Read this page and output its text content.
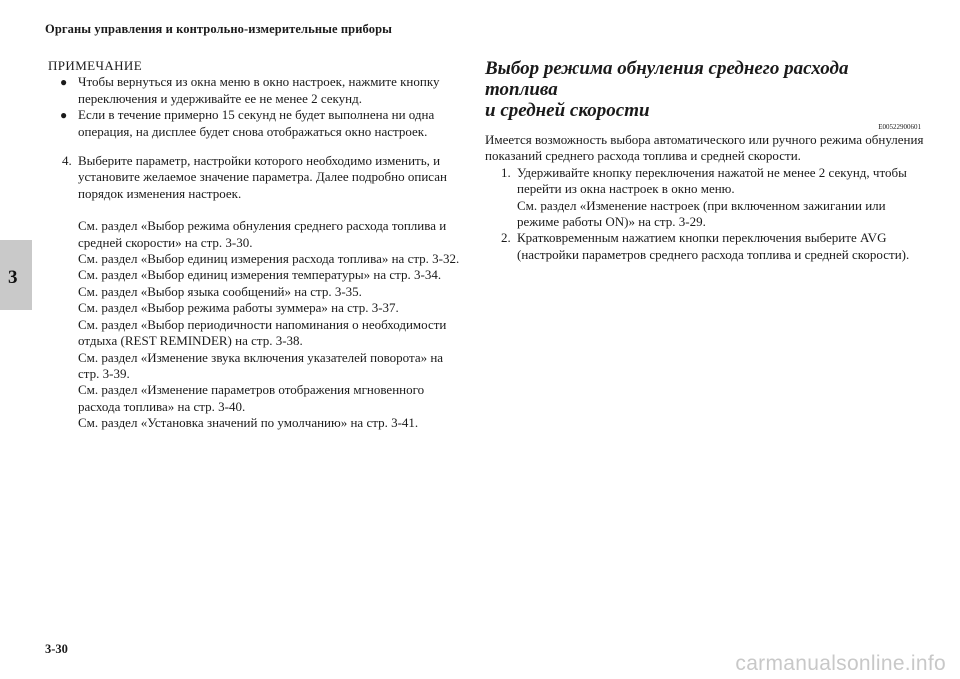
Органы управления и контрольно-измерительные приборы
3
ПРИМЕЧАНИЕ
● Чтобы вернуться из окна меню в окно настроек, нажмите кнопку переключения и удерживайте ее не менее 2 секунд.
● Если в течение примерно 15 секунд не будет выполнена ни одна операция, на дисплее будет снова отображаться окно настроек.
4. Выберите параметр, настройки которого необходимо изменить, и установите желаемое значение параметра. Далее подробно описан порядок изменения настроек.
См. раздел «Выбор режима обнуления среднего расхода топлива и средней скорости» на стр. 3-30.
См. раздел «Выбор единиц измерения расхода топлива» на стр. 3-32.
См. раздел «Выбор единиц измерения температуры» на стр. 3-34.
См. раздел «Выбор языка сообщений» на стр. 3-35.
См. раздел «Выбор режима работы зуммера» на стр. 3-37.
См. раздел «Выбор периодичности напоминания о необходимости отдыха (REST REMINDER) на стр. 3-38.
См. раздел «Изменение звука включения указателей поворота» на стр. 3-39.
См. раздел «Изменение параметров отображения мгновенного расхода топлива» на стр. 3-40.
См. раздел «Установка значений по умолчанию» на стр. 3-41.
Выбор режима обнуления среднего расхода топлива
и средней скорости
E00522900601
Имеется возможность выбора автоматического или ручного режима обнуления показаний среднего расхода топлива и средней скорости.
1. Удерживайте кнопку переключения нажатой не менее 2 секунд, чтобы перейти из окна настроек в окно меню.
См. раздел «Изменение настроек (при включенном зажигании или режиме работы ON)» на стр. 3-29.
2. Кратковременным нажатием кнопки переключения выберите AVG (настройки параметров среднего расхода топлива и средней скорости).
3-30
carmanualsonline.info
